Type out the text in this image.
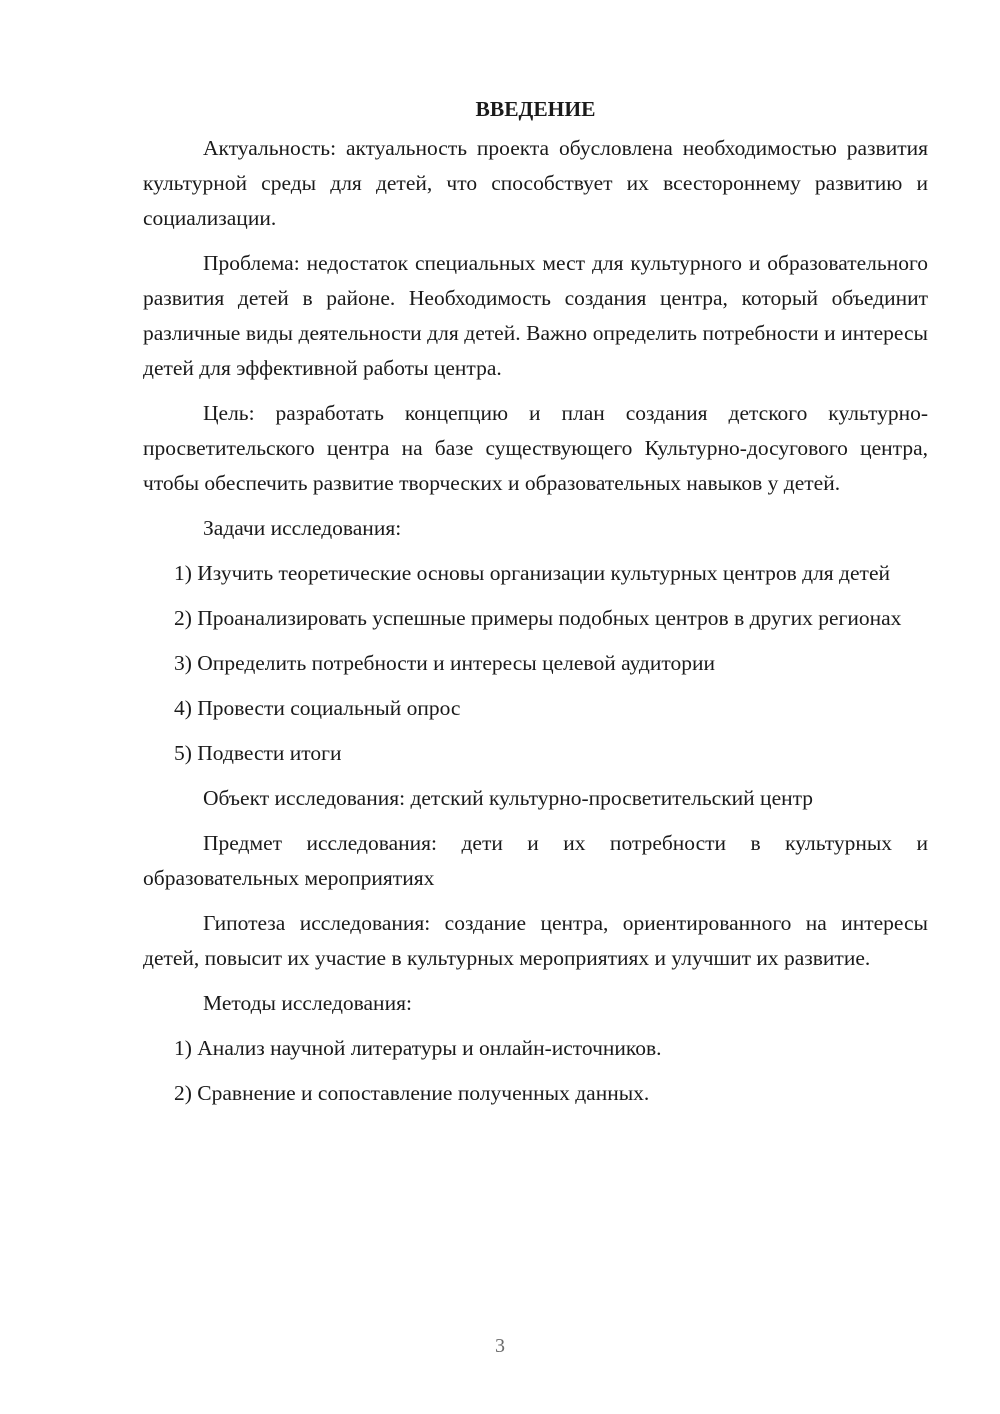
ВВЕДЕНИЕ

Актуальность: актуальность проекта обусловлена необходимостью развития культурной среды для детей, что способствует их всестороннему развитию и социализации.

Проблема: недостаток специальных мест для культурного и образовательного развития детей в районе. Необходимость создания центра, который объединит различные виды деятельности для детей. Важно определить потребности и интересы детей для эффективной работы центра.

Цель: разработать концепцию и план создания детского культурно-просветительского центра на базе существующего Культурно-досугового центра, чтобы обеспечить развитие творческих и образовательных навыков у детей.

Задачи исследования:

1) Изучить теоретические основы организации культурных центров для детей

2) Проанализировать успешные примеры подобных центров в других регионах

3) Определить потребности и интересы целевой аудитории

4) Провести социальный опрос

5) Подвести итоги

Объект исследования: детский культурно-просветительский центр

Предмет исследования: дети и их потребности в культурных и образовательных мероприятиях

Гипотеза исследования: создание центра, ориентированного на интересы детей, повысит их участие в культурных мероприятиях и улучшит их развитие.

Методы исследования:

1) Анализ научной литературы и онлайн-источников.

2) Сравнение и сопоставление полученных данных.

3
